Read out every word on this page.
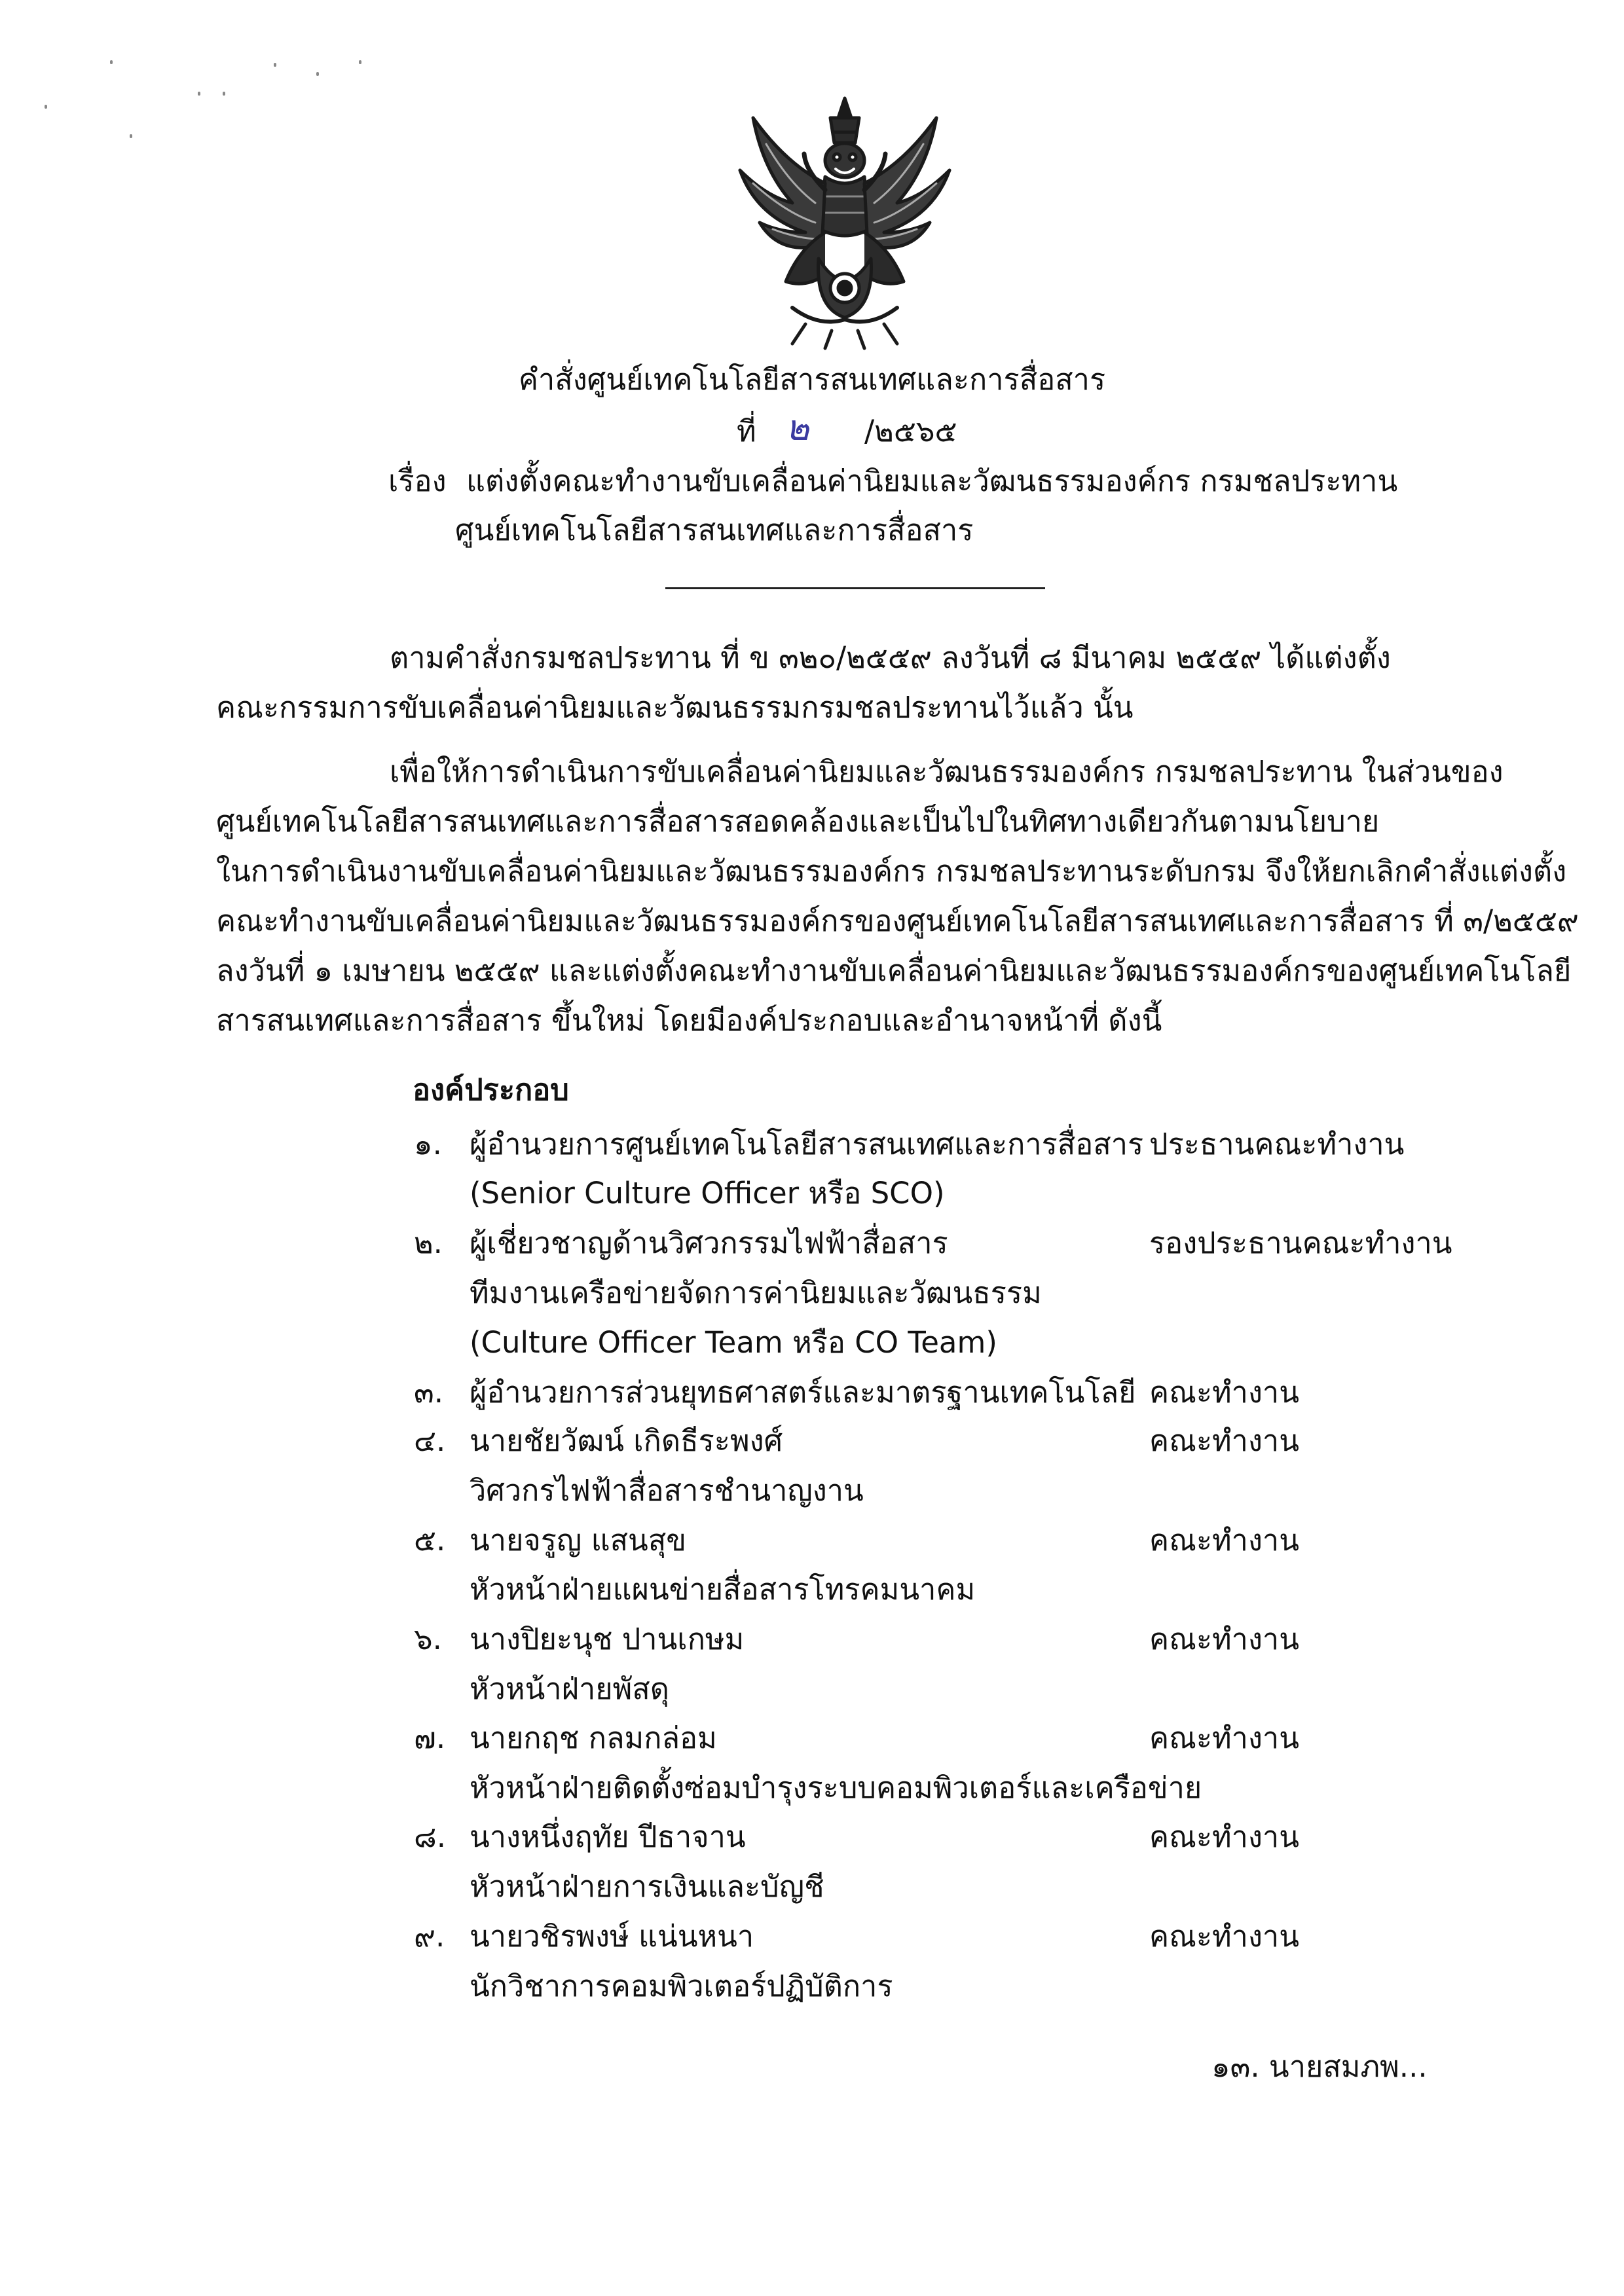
คำสั่งศูนย์เทคโนโลยีสารสนเทศและการสื่อสาร
ที่ ๒ /๒๕๖๕
เรื่อง แต่งตั้งคณะทำงานขับเคลื่อนค่านิยมและวัฒนธรรมองค์กร กรมชลประทาน
ศูนย์เทคโนโลยีสารสนเทศและการสื่อสาร
ตามคำสั่งกรมชลประทาน ที่ ข ๓๒๐/๒๕๕๙ ลงวันที่ ๘ มีนาคม ๒๕๕๙ ได้แต่งตั้ง
คณะกรรมการขับเคลื่อนค่านิยมและวัฒนธรรมกรมชลประทานไว้แล้ว นั้น
เพื่อให้การดำเนินการขับเคลื่อนค่านิยมและวัฒนธรรมองค์กร กรมชลประทาน ในส่วนของ
ศูนย์เทคโนโลยีสารสนเทศและการสื่อสารสอดคล้องและเป็นไปในทิศทางเดียวกันตามนโยบาย
ในการดำเนินงานขับเคลื่อนค่านิยมและวัฒนธรรมองค์กร กรมชลประทานระดับกรม จึงให้ยกเลิกคำสั่งแต่งตั้ง
คณะทำงานขับเคลื่อนค่านิยมและวัฒนธรรมองค์กรของศูนย์เทคโนโลยีสารสนเทศและการสื่อสาร ที่ ๓/๒๕๕๙
ลงวันที่ ๑ เมษายน ๒๕๕๙ และแต่งตั้งคณะทำงานขับเคลื่อนค่านิยมและวัฒนธรรมองค์กรของศูนย์เทคโนโลยี
สารสนเทศและการสื่อสาร ขึ้นใหม่ โดยมีองค์ประกอบและอำนาจหน้าที่ ดังนี้
องค์ประกอบ
๑. ผู้อำนวยการศูนย์เทคโนโลยีสารสนเทศและการสื่อสาร ประธานคณะทำงาน
(Senior Culture Officer หรือ SCO)
๒. ผู้เชี่ยวชาญด้านวิศวกรรมไฟฟ้าสื่อสาร	รองประธานคณะทำงาน
ทีมงานเครือข่ายจัดการค่านิยมและวัฒนธรรม
(Culture Officer Team หรือ CO Team)
๓. ผู้อำนวยการส่วนยุทธศาสตร์และมาตรฐานเทคโนโลยี คณะทำงาน
๔. นายชัยวัฒน์ เกิดธีระพงศ์	คณะทำงาน
วิศวกรไฟฟ้าสื่อสารชำนาญงาน
๕. นายจรูญ แสนสุข	คณะทำงาน
หัวหน้าฝ่ายแผนข่ายสื่อสารโทรคมนาคม
๖. นางปิยะนุช ปานเกษม	คณะทำงาน
หัวหน้าฝ่ายพัสดุ
๗. นายกฤช กลมกล่อม	คณะทำงาน
หัวหน้าฝ่ายติดตั้งซ่อมบำรุงระบบคอมพิวเตอร์และเครือข่าย
๘. นางหนึ่งฤทัย ปีธาจาน	คณะทำงาน
หัวหน้าฝ่ายการเงินและบัญชี
๙. นายวชิรพงษ์ แน่นหนา	คณะทำงาน
นักวิชาการคอมพิวเตอร์ปฏิบัติการ
๑๓. นายสมภพ...
